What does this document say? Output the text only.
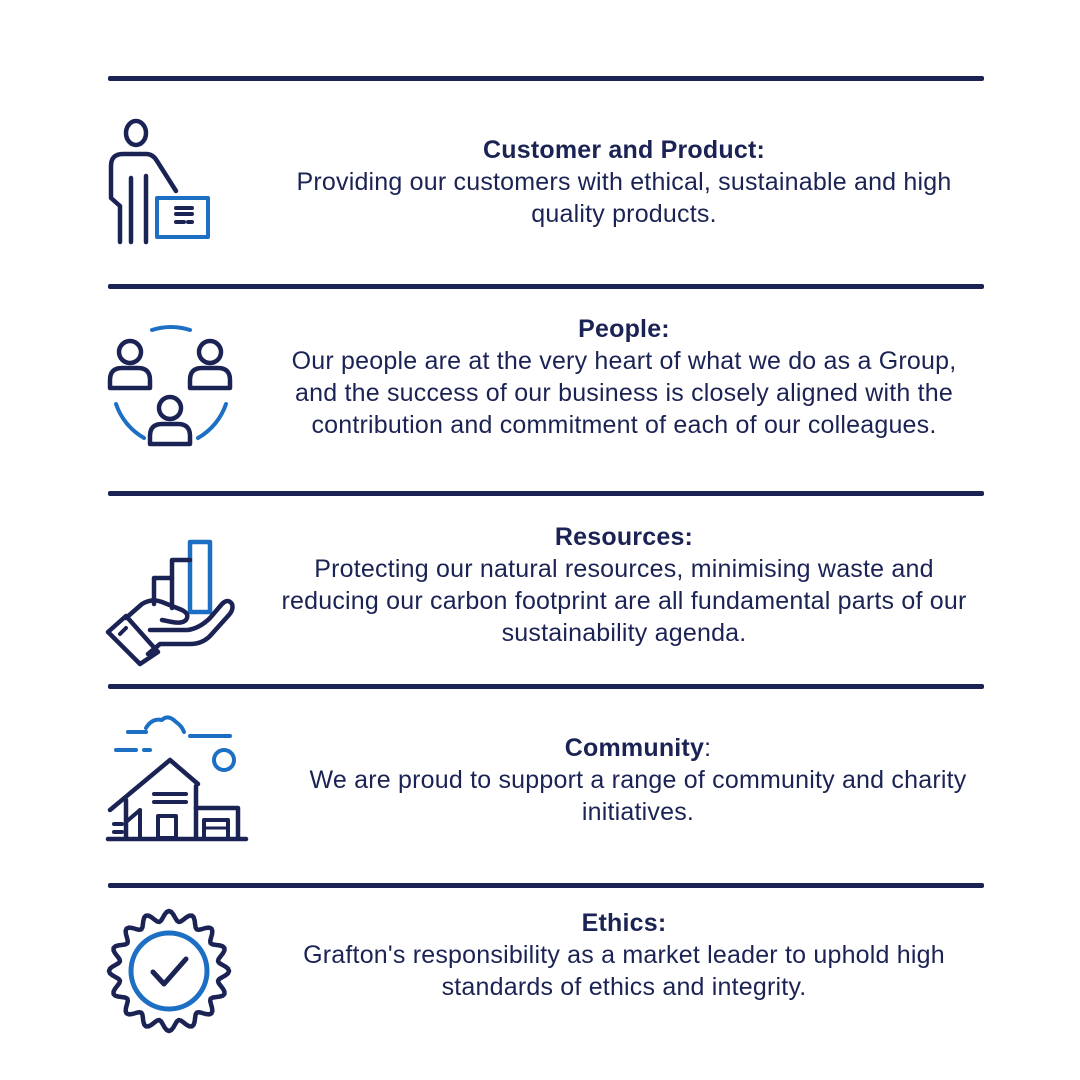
Customer and Product:
Providing our customers with ethical, sustainable and high quality products.
People:
Our people are at the very heart of what we do as a Group, and the success of our business is closely aligned with the contribution and commitment of each of our colleagues.
Resources:
Protecting our natural resources, minimising waste and reducing our carbon footprint are all fundamental parts of our sustainability agenda.
Community:
We are proud to support a range of community and charity initiatives.
Ethics:
Grafton's responsibility as a market leader to uphold high standards of ethics and integrity.
